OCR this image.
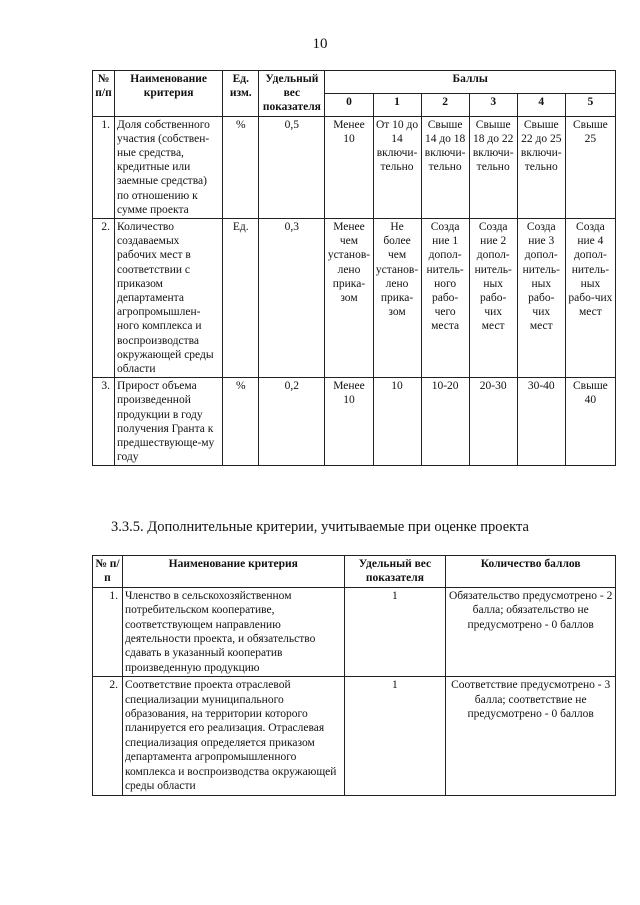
10
№ п/п	Наименование критерия	Ед. изм.	Удельный вес показателя	Баллы					
				0	1	2	3	4	5
1.	Доля собственного участия (собствен-ные средства, кредитные или заемные средства) по отношению к сумме проекта	%	0,5	Менее 10	От 10 до 14 включи-тельно	Свыше 14 до 18 включи-тельно	Свыше 18 до 22 включи-тельно	Свыше 22 до 25 включи-тельно	Свыше 25
2.	Количество создаваемых рабочих мест в соответствии с приказом департамента агропромышлен-ного комплекса и воспроизводства окружающей среды области	Ед.	0,3	Менее чем установ-лено прика-зом	Не более чем установ-лено прика-зом	Созда ние 1 допол-нитель-ного рабо-чего места	Созда ние 2 допол-нитель-ных рабо-чих мест	Созда ние 3 допол-нитель-ных рабо-чих мест	Созда ние 4 допол-нитель-ных рабо-чих мест
3.	Прирост объема произведенной продукции в году получения Гранта к предшествующе-му году	%	0,2	Менее 10	10	10-20	20-30	30-40	Свыше 40
3.3.5. Дополнительные критерии, учитываемые при оценке проекта
№ п/п	Наименование критерия	Удельный вес показателя	Количество баллов
1.	Членство в сельскохозяйственном потребительском кооперативе, соответствующем направлению деятельности проекта, и обязательство сдавать в указанный кооператив произведенную продукцию	1	Обязательство предусмотрено - 2 балла; обязательство не предусмотрено - 0 баллов
2.	Соответствие проекта отраслевой специализации муниципального образования, на территории которого планируется его реализация. Отраслевая специализация определяется приказом департамента агропромышленного комплекса и воспроизводства окружающей среды области	1	Соответствие предусмотрено - 3 балла; соответствие не предусмотрено - 0 баллов
